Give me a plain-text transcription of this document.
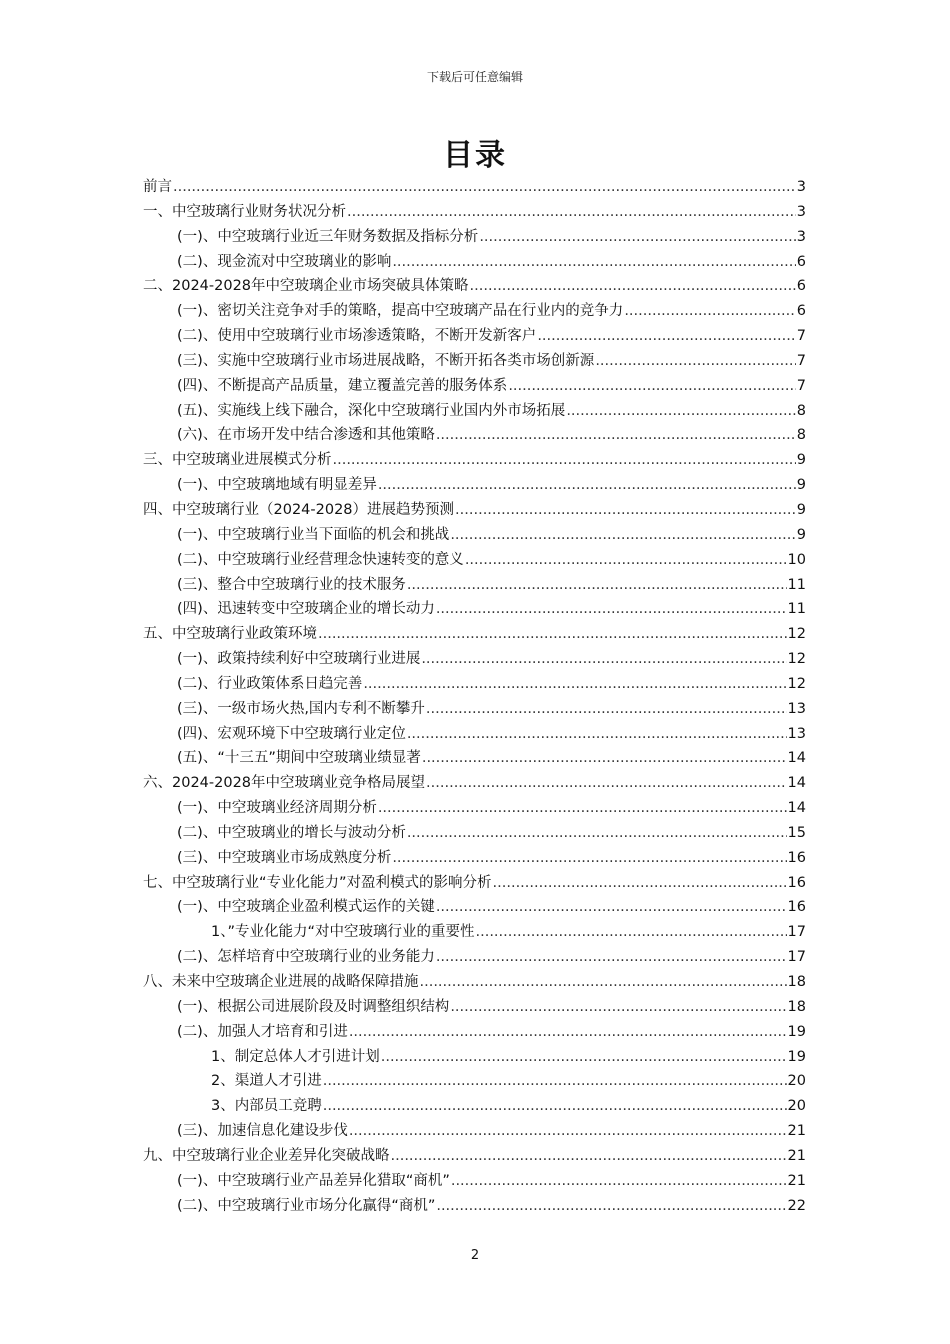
下载后可任意编辑
目录
前言 .....	3
一、中空玻璃行业财务状况分析 .....	3
(一)、中空玻璃行业近三年财务数据及指标分析 .....	3
(二)、现金流对中空玻璃业的影响 .....	6
二、2024-2028年中空玻璃企业市场突破具体策略 .....	6
(一)、密切关注竞争对手的策略，提高中空玻璃产品在行业内的竞争力 .....	6
(二)、使用中空玻璃行业市场渗透策略，不断开发新客户 .....	7
(三)、实施中空玻璃行业市场进展战略，不断开拓各类市场创新源 .....	7
(四)、不断提高产品质量，建立覆盖完善的服务体系 .....	7
(五)、实施线上线下融合，深化中空玻璃行业国内外市场拓展 .....	8
(六)、在市场开发中结合渗透和其他策略 .....	8
三、中空玻璃业进展模式分析 .....	9
(一)、中空玻璃地域有明显差异 .....	9
四、中空玻璃行业（2024-2028）进展趋势预测 .....	9
(一)、中空玻璃行业当下面临的机会和挑战 .....	9
(二)、中空玻璃行业经营理念快速转变的意义 .....	10
(三)、整合中空玻璃行业的技术服务 .....	11
(四)、迅速转变中空玻璃企业的增长动力 .....	11
五、中空玻璃行业政策环境 .....	12
(一)、政策持续利好中空玻璃行业进展 .....	12
(二)、行业政策体系日趋完善 .....	12
(三)、一级市场火热,国内专利不断攀升 .....	13
(四)、宏观环境下中空玻璃行业定位 .....	13
(五)、“十三五”期间中空玻璃业绩显著 .....	14
六、2024-2028年中空玻璃业竞争格局展望 .....	14
(一)、中空玻璃业经济周期分析 .....	14
(二)、中空玻璃业的增长与波动分析 .....	15
(三)、中空玻璃业市场成熟度分析 .....	16
七、中空玻璃行业“专业化能力”对盈利模式的影响分析 .....	16
(一)、中空玻璃企业盈利模式运作的关键 .....	16
1、”专业化能力“对中空玻璃行业的重要性 .....	17
(二)、怎样培育中空玻璃行业的业务能力 .....	17
八、未来中空玻璃企业进展的战略保障措施 .....	18
(一)、根据公司进展阶段及时调整组织结构 .....	18
(二)、加强人才培育和引进 .....	19
1、制定总体人才引进计划 .....	19
2、渠道人才引进 .....	20
3、内部员工竞聘 .....	20
(三)、加速信息化建设步伐 .....	21
九、中空玻璃行业企业差异化突破战略 .....	21
(一)、中空玻璃行业产品差异化猎取“商机” .....	21
(二)、中空玻璃行业市场分化赢得“商机” .....	22
2
